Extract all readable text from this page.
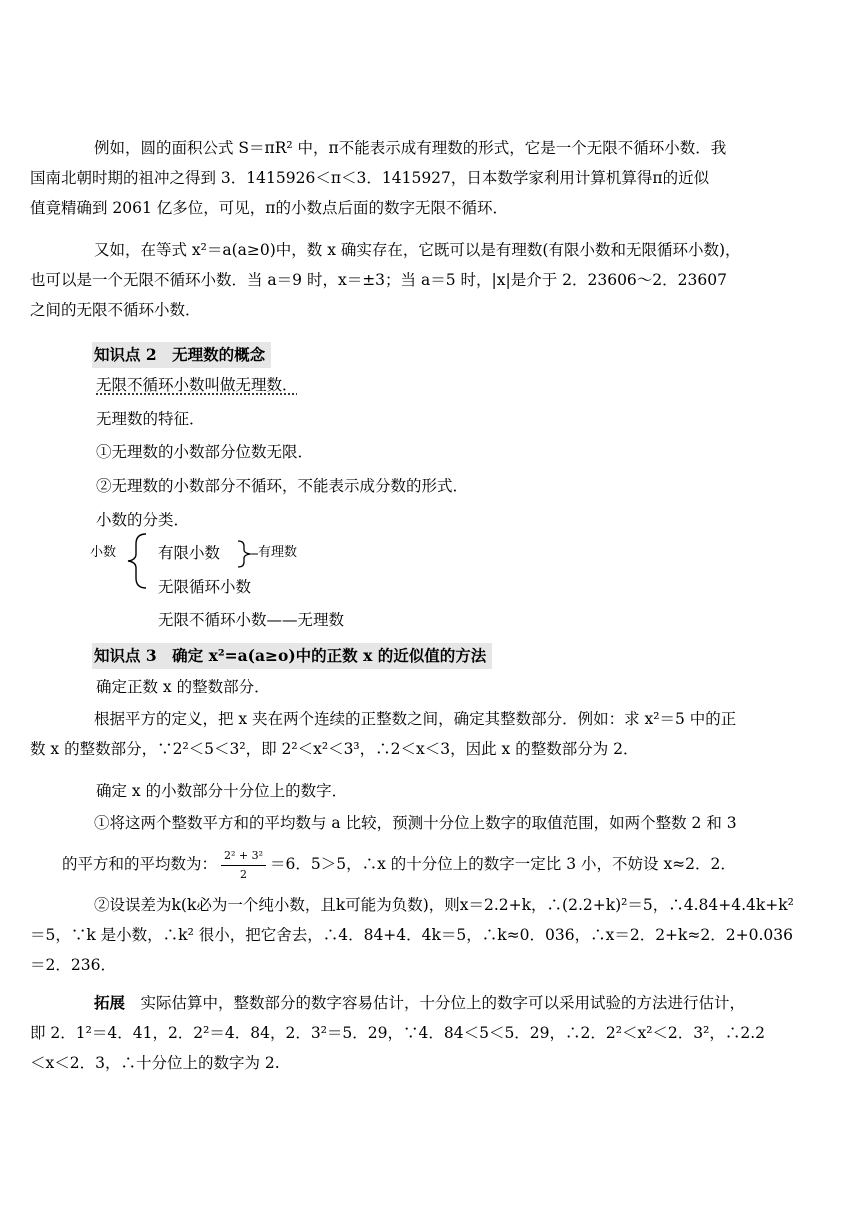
例如，圆的面积公式 S＝πR² 中，π不能表示成有理数的形式，它是一个无限不循环小数．我
国南北朝时期的祖冲之得到 3．1415926＜π＜3．1415927，日本数学家利用计算机算得π的近似
值竟精确到 2061 亿多位，可见，π的小数点后面的数字无限不循环．
又如，在等式 x²＝a(a≥0)中，数 x 确实存在，它既可以是有理数(有限小数和无限循环小数)，
也可以是一个无限不循环小数．当 a＝9 时，x＝±3；当 a＝5 时，|x|是介于 2．23606～2．23607
之间的无限不循环小数．
知识点 2　无理数的概念
无限不循环小数叫做无理数．
无理数的特征．
①无理数的小数部分位数无限．
②无理数的小数部分不循环，不能表示成分数的形式．
小数的分类．
小数	有限小数	有理数
无限循环小数
无限不循环小数——无理数
知识点 3　确定 x²=a(a≥o)中的正数 x 的近似值的方法
确定正数 x 的整数部分．
根据平方的定义，把 x 夹在两个连续的正整数之间，确定其整数部分．例如：求 x²＝5 中的正
数 x 的整数部分，∵2²＜5＜3²，即 2²＜x²＜3³，∴2＜x＜3，因此 x 的整数部分为 2．
确定 x 的小数部分十分位上的数字．
①将这两个整数平方和的平均数与 a 比较，预测十分位上数字的取值范围，如两个整数 2 和 3
的平方和的平均数为： $\frac{\text{2² + 3²}}{2} =6$．5＞5，∴x 的十分位上的数字一定比 3 小，不妨设 x≈2．2．
②设误差为k(k必为一个纯小数，且k可能为负数)，则x＝2.2+k，∴(2.2+k)²＝5，∴4.84+4.4k+k²
＝5，∵k 是小数，∴k² 很小，把它舍去，∴4．84+4．4k＝5，∴k≈0．036，∴x＝2．2+k≈2．2+0.036
＝2．236．
拓展　 实际估算中，整数部分的数字容易估计，十分位上的数字可以采用试验的方法进行估计，
即 2．1²＝4．41，2．2²＝4．84，2．3²＝5．29，∵4．84＜5＜5．29，∴2．2²＜x²＜2．3²，∴2.2
＜x＜2．3，∴十分位上的数字为 2.
